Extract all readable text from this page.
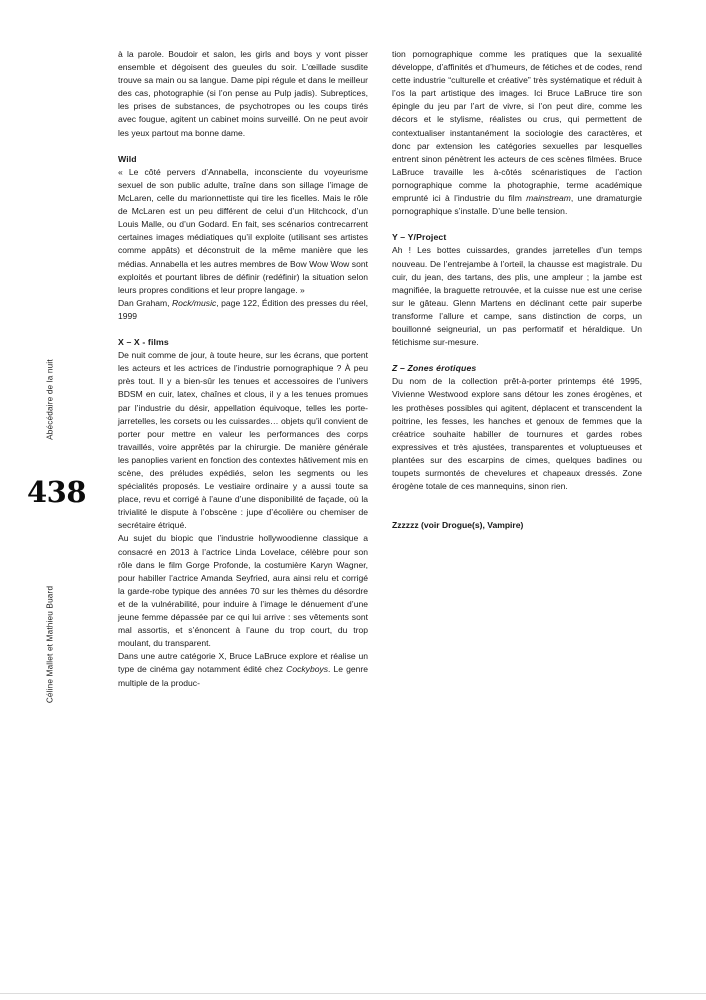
Abécédaire de la nuit
438
Céline Mallet et Mathieu Buard

à la parole. Boudoir et salon, les girls and boys y vont pisser ensemble et dégoisent des gueules du soir. L’œillade susdite trouve sa main ou sa langue. Dame pipi régule et dans le meilleur des cas, photographie (si l’on pense au Pulp jadis). Subreptices, les prises de substances, de psychotropes ou les coups tirés avec fougue, agitent un cabinet moins surveillé. On ne peut avoir les yeux partout ma bonne dame.

Wild

« Le côté pervers d’Annabella, inconsciente du voyeurisme sexuel de son public adulte, traîne dans son sillage l’image de McLaren, celle du marionnettiste qui tire les ficelles. Mais le rôle de McLaren est un peu différent de celui d’un Hitchcock, d’un Louis Malle, ou d’un Godard. En fait, ses scénarios contrecarrent certaines images médiatiques qu’il exploite (utilisant ses artistes comme appâts) et déconstruit de la même manière que les médias. Annabella et les autres membres de Bow Wow Wow sont exploités et pourtant libres de définir (redéfinir) la situation selon leurs propres conditions et leur propre langage. »

Dan Graham, Rock/music, page 122, Édition des presses du réel, 1999

X – X - films

De nuit comme de jour, à toute heure, sur les écrans, que portent les acteurs et les actrices de l’industrie pornographique ? À peu près tout. Il y a bien-sûr les tenues et accessoires de l’univers BDSM en cuir, latex, chaînes et clous, il y a les tenues promues par l’industrie du désir, appellation équivoque, telles les porte-jarretelles, les corsets ou les cuissardes… objets qu’il convient de porter pour mettre en valeur les performances des corps travaillés, voire apprêtés par la chirurgie. De manière générale les panoplies varient en fonction des contextes hâtivement mis en scène, des préludes expédiés, selon les segments ou les spécialités proposés. Le vestiaire ordinaire y a aussi toute sa place, revu et corrigé à l’aune d’une disponibilité de façade, où la trivialité le dispute à l’obscène : jupe d’écolière ou chemiser de secrétaire étriqué.

Au sujet du biopic que l’industrie hollywoodienne classique a consacré en 2013 à l’actrice Linda Lovelace, célèbre pour son rôle dans le film Gorge Profonde, la costumière Karyn Wagner, pour habiller l’actrice Amanda Seyfried, aura ainsi relu et corrigé la garde-robe typique des années 70 sur les thèmes du désordre et de la vulnérabilité, pour induire à l’image le dénuement d’une jeune femme dépassée par ce qui lui arrive : ses vêtements sont mal assortis, et s’énoncent à l’aune du trop court, du trop moulant, du transparent.

Dans une autre catégorie X, Bruce LaBruce explore et réalise un type de cinéma gay notamment édité chez Cockyboys. Le genre multiple de la produc-

tion pornographique comme les pratiques que la sexualité développe, d’affinités et d’humeurs, de fétiches et de codes, rend cette industrie “culturelle et créative” très systématique et réduit à l’os la part artistique des images. Ici Bruce LaBruce tire son épingle du jeu par l’art de vivre, si l’on peut dire, comme les décors et le stylisme, réalistes ou crus, qui permettent de contextualiser instantanément la sociologie des caractères, et donc par extension les catégories sexuelles par lesquelles entrent sinon pénètrent les acteurs de ces scènes filmées. Bruce LaBruce travaille les à-côtés scénaristiques de l’action pornographique comme la photographie, terme académique emprunté ici à l’industrie du film mainstream, une dramaturgie pornographique s’installe. D’une belle tension.

Y – Y/Project

Ah ! Les bottes cuissardes, grandes jarretelles d’un temps nouveau. De l’entrejambe à l’orteil, la chausse est magistrale. Du cuir, du jean, des tartans, des plis, une ampleur ; la jambe est magnifiée, la braguette retrouvée, et la cuisse nue est une cerise sur le gâteau. Glenn Martens en déclinant cette pair superbe transforme l’allure et campe, sans distinction de corps, un bouillonné seigneurial, un pas performatif et héraldique. Un fétichisme sur-mesure.

Z – Zones érotiques

Du nom de la collection prêt-à-porter printemps été 1995, Vivienne Westwood explore sans détour les zones érogènes, et les prothèses possibles qui agitent, déplacent et transcendent la poitrine, les fesses, les hanches et genoux de femmes que la créatrice souhaite habiller de tournures et gardes robes expressives et très ajustées, transparentes et voluptueuses et plantées sur des escarpins de cimes, quelques badines ou toupets surmontés de chevelures et chapeaux dressés. Zone érogène totale de ces mannequins, sinon rien.

Zzzzzz (voir Drogue(s), Vampire)
